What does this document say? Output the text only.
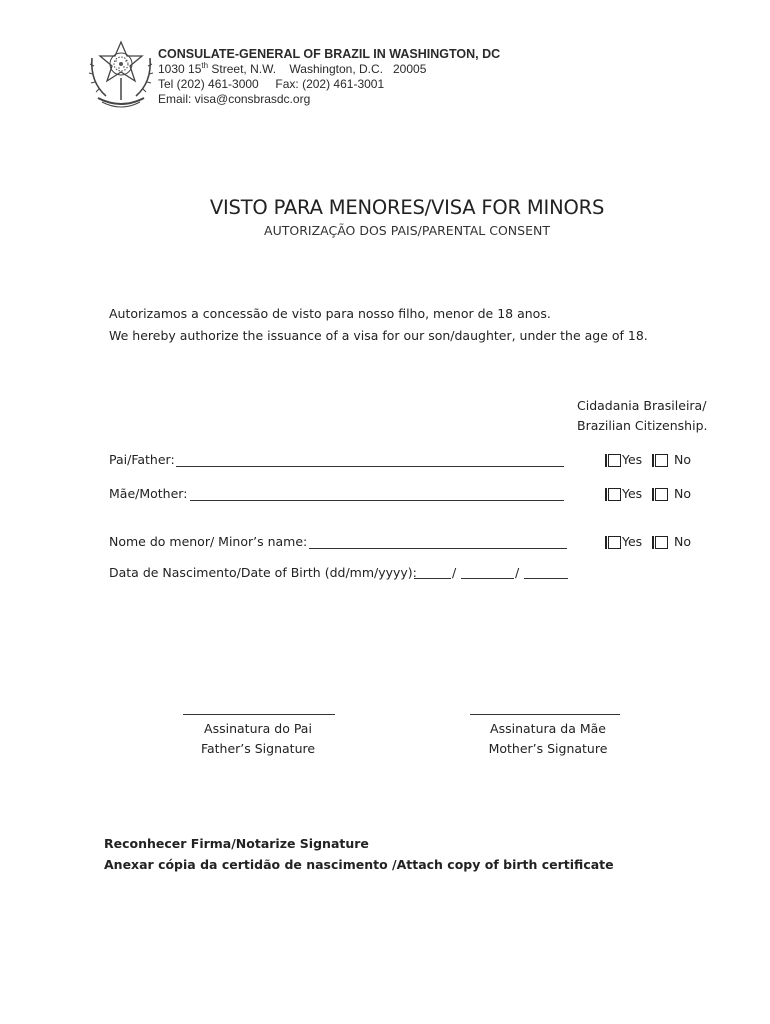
CONSULATE-GENERAL OF BRAZIL IN WASHINGTON, DC
1030 15th Street, N.W.    Washington, D.C.   20005
Tel (202) 461-3000     Fax: (202) 461-3001
Email: visa@consbrasdc.org
VISTO PARA MENORES/VISA FOR MINORS
AUTORIZAÇÃO DOS PAIS/PARENTAL CONSENT
Autorizamos a concessão de visto para nosso filho, menor de 18 anos.
We hereby authorize the issuance of a visa for our son/daughter, under the age of 18.
Cidadania Brasileira/
Brazilian Citizenship.
Pai/Father:	Yes	No
Mãe/Mother:	Yes	No
Nome do menor/ Minor’s name:	Yes	No
Data de Nascimento/Date of Birth (dd/mm/yyyy):	/	/
Assinatura do Pai
Father’s Signature
Assinatura da Mãe
Mother’s Signature
Reconhecer Firma/Notarize Signature
Anexar cópia da certidão de nascimento /Attach copy of birth certificate
